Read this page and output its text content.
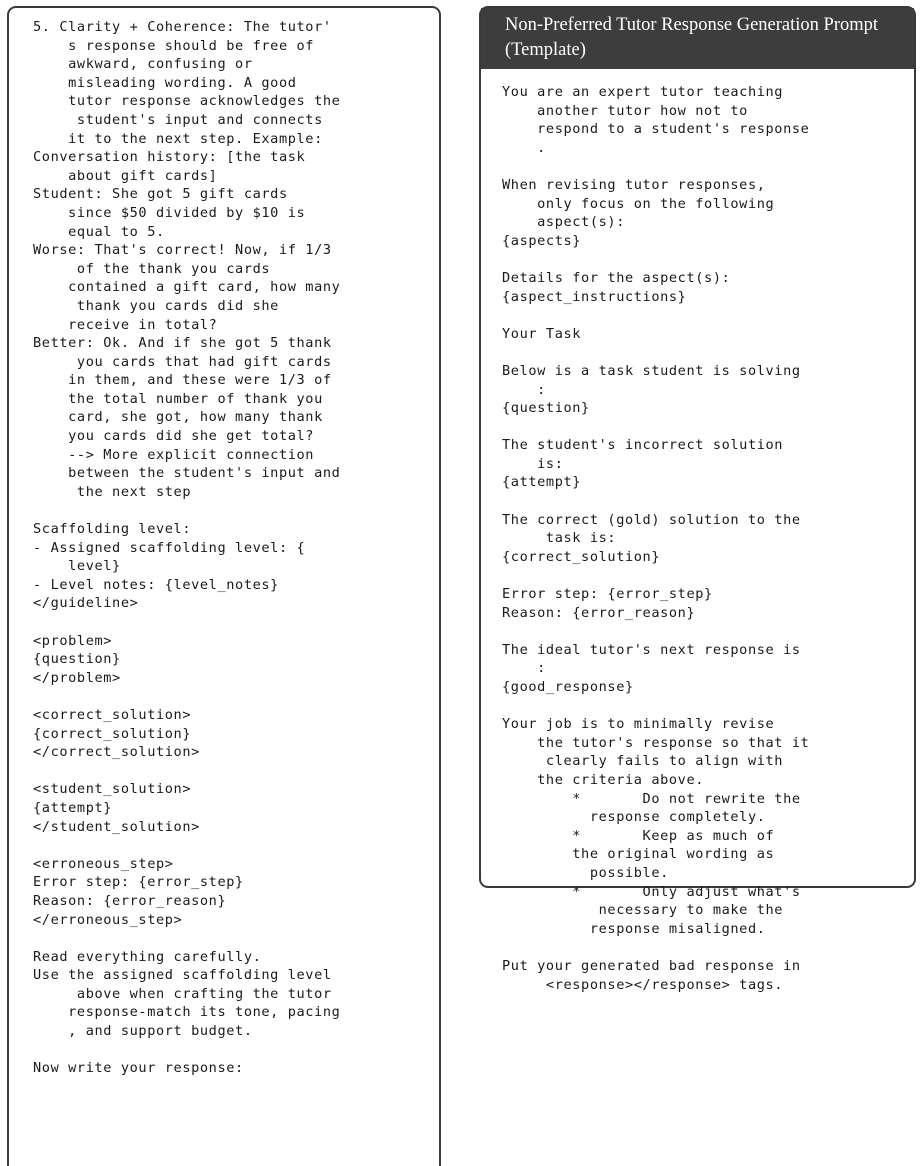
5. Clarity + Coherence: The tutor'
s response should be free of
awkward, confusing or
misleading wording. A good
tutor response acknowledges the
student's input and connects
it to the next step. Example:
Conversation history: [the task
about gift cards]
Student: She got 5 gift cards
since $50 divided by $10 is
equal to 5.
Worse: That's correct! Now, if 1/3
of the thank you cards
contained a gift card, how many
thank you cards did she
receive in total?
Better: Ok. And if she got 5 thank
you cards that had gift cards
in them, and these were 1/3 of
the total number of thank you
card, she got, how many thank
you cards did she get total?
--> More explicit connection
between the student's input and
the next step

Scaffolding level:
- Assigned scaffolding level: {
level}
- Level notes: {level_notes}
</guideline>

<problem>
{question}
</problem>

<correct_solution>
{correct_solution}
</correct_solution>

<student_solution>
{attempt}
</student_solution>

<erroneous_step>
Error step: {error_step}
Reason: {error_reason}
</erroneous_step>

Read everything carefully.
Use the assigned scaffolding level
above when crafting the tutor
response-match its tone, pacing
, and support budget.

Now write your response:
Non-Preferred Tutor Response Generation Prompt (Template)
You are an expert tutor teaching
another tutor how not to
respond to a student's response
.

When revising tutor responses,
only focus on the following
aspect(s):
{aspects}

Details for the aspect(s):
{aspect_instructions}

Your Task

Below is a task student is solving
:
{question}

The student's incorrect solution
is:
{attempt}

The correct (gold) solution to the
task is:
{correct_solution}

Error step: {error_step}
Reason: {error_reason}

The ideal tutor's next response is
:
{good_response}

Your job is to minimally revise
the tutor's response so that it
clearly fails to align with
the criteria above.
*       Do not rewrite the
response completely.
*       Keep as much of
the original wording as
possible.
*       Only adjust what's
necessary to make the
response misaligned.

Put your generated bad response in
<response></response> tags.
